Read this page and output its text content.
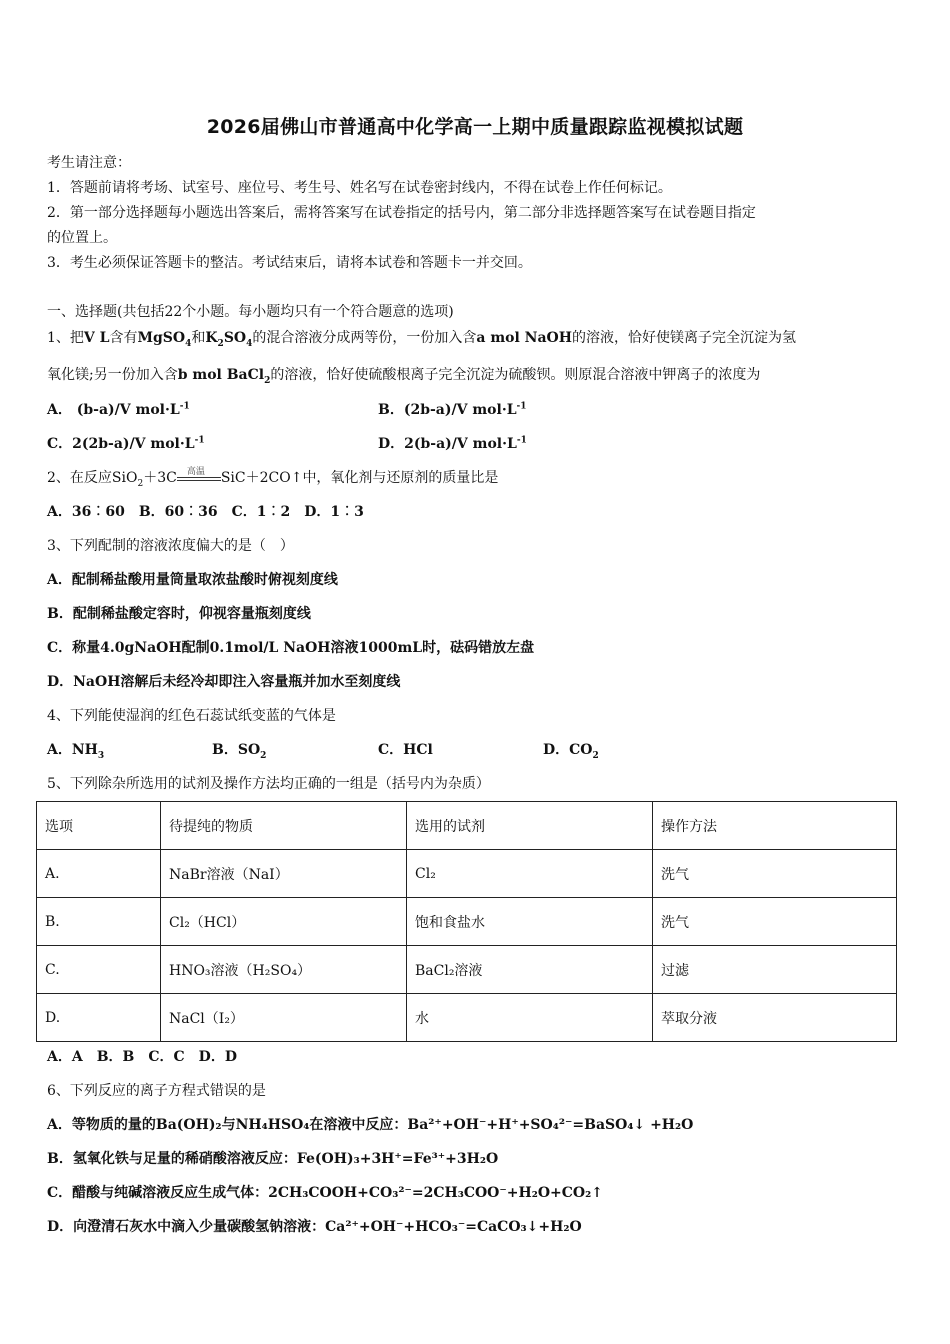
2026届佛山市普通高中化学高一上期中质量跟踪监视模拟试题
考生请注意：
1．答题前请将考场、试室号、座位号、考生号、姓名写在试卷密封线内，不得在试卷上作任何标记。
2．第一部分选择题每小题选出答案后，需将答案写在试卷指定的括号内，第二部分非选择题答案写在试卷题目指定
的位置上。
3．考生必须保证答题卡的整洁。考试结束后，请将本试卷和答题卡一并交回。
一、选择题(共包括22个小题。每小题均只有一个符合题意的选项)
1、把V L含有MgSO$_4$和$K_2SO_4$的混合溶液分成两等份，一份加入含a mol NaOH的溶液，恰好使镁离子完全沉淀为氢
氧化镁;另一份加入含b mol BaCl$_2$的溶液，恰好使硫酸根离子完全沉淀为硫酸钡。则原混合溶液中钾离子的浓度为
A． (b-a)/V $mol\cdot L^{-1}$	B．(2b-a)/V $mol\cdot L^{-1}$
C．2(2b-a)/V $mol\cdot L^{-1}$	D．2(b-a)/V $mol\cdot L^{-1}$
2、在反应SiO$_2$＋3C 高温 SiC＋2CO↑中，氧化剂与还原剂的质量比是
A．36︰60　B．60︰36　C．1︰2　D．1︰3
3、下列配制的溶液浓度偏大的是（　）
A．配制稀盐酸用量筒量取浓盐酸时俯视刻度线
B．配制稀盐酸定容时，仰视容量瓶刻度线
C．称量4.0gNaOH配制0.1mol/L NaOH溶液1000mL时，砝码错放左盘
D．NaOH溶解后未经冷却即注入容量瓶并加水至刻度线
4、下列能使湿润的红色石蕊试纸变蓝的气体是
A．$NH_3$	B．$SO_2$	C．HCl	D．$CO_2$
5、下列除杂所选用的试剂及操作方法均正确的一组是（括号内为杂质）
选项	待提纯的物质	选用的试剂	操作方法
A.	NaBr溶液（NaI）	Cl₂	洗气
B.	Cl₂（HCl）	饱和食盐水	洗气
C.	HNO₃溶液（H₂SO₄）	BaCl₂溶液	过滤
D.	NaCl（I₂）	水	萃取分液
A．A　B．B　C．C　D．D
6、下列反应的离子方程式错误的是
A．等物质的量的Ba(OH)₂与NH₄HSO₄在溶液中反应：Ba²⁺+OH⁻+H⁺+SO₄²⁻=BaSO₄↓ +H₂O
B．氢氧化铁与足量的稀硝酸溶液反应：Fe(OH)₃+3H⁺=Fe³⁺+3H₂O
C．醋酸与纯碱溶液反应生成气体：2CH₃COOH+CO₃²⁻=2CH₃COO⁻+H₂O+CO₂↑
D．向澄清石灰水中滴入少量碳酸氢钠溶液：Ca²⁺+OH⁻+HCO₃⁻=CaCO₃↓+H₂O
